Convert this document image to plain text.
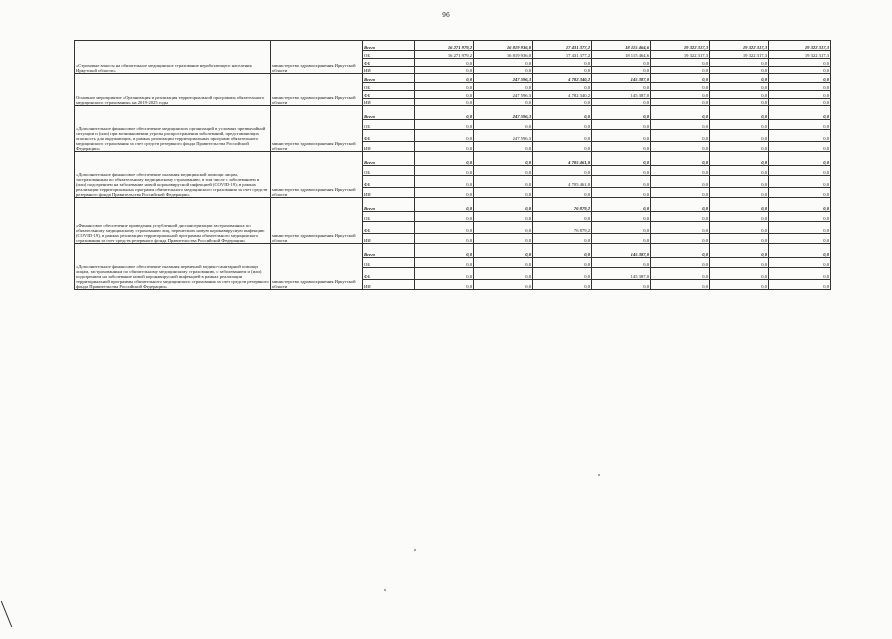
96
«Страховые взносы на обязательное медицинское страхование неработающего населения Иркутской области»	министерство здравоохранения Иркутской области	Всего	16 271 979,2	16 819 936,0	17 431 377,2	18 115 464,6	19 322 317,3	19 322 317,3	19 322 317,3
		ОБ	16 271 979,2	16 819 936,0	17 431 377,2	18 115 464,6	19 322 317,3	19 322 317,3	19 322 317,3
		ФБ	0,0	0,0	0,0	0,0	0,0	0,0	0,0
		ИИ	0,0	0,0	0,0	0,0	0,0	0,0	0,0
Основное мероприятие «Организация и реализация территориальной программы обязательного медицинского страхования» на 2019-2025 годы	министерство здравоохранения Иркутской области	Всего	0,0	247 596,3	4 782 340,2	145 387,0	0,0	0,0	0,0
		ОБ	0,0	0,0	0,0	0,0	0,0	0,0	0,0
		ФБ	0,0	247 596,3	4 782 340,2	145 387,0	0,0	0,0	0,0
		ИИ	0,0	0,0	0,0	0,0	0,0	0,0	0,0
«Дополнительное финансовое обеспечение медицинских организаций в условиях чрезвычайной ситуации и (или) при возникновении угрозы распространения заболеваний, представляющих опасность для окружающих, в рамках реализации территориальных программ обязательного медицинского страхования за счет средств резервного фонда Правительства Российской Федерации»	министерство здравоохранения Иркутской области	Всего	0,0	247 596,3	0,0	0,0	0,0	0,0	0,0
		ОБ	0,0	0,0	0,0	0,0	0,0	0,0	0,0
		ФБ	0,0	247 596,3	0,0	0,0	0,0	0,0	0,0
		ИИ	0,0	0,0	0,0	0,0	0,0	0,0	0,0
«Дополнительное финансовое обеспечение оказания медицинской помощи лицам, застрахованным по обязательному медицинскому страхованию, в том числе с заболеванием и (или) подозрением на заболевание новой коронавирусной инфекцией (COVID-19), в рамках реализации территориальных программ обязательного медицинского страхования за счет средств резервного фонда Правительства Российской Федерации»	министерство здравоохранения Иркутской области	Всего	0,0	0,0	4 705 461,0	0,0	0,0	0,0	0,0
		ОБ	0,0	0,0	0,0	0,0	0,0	0,0	0,0
		ФБ	0,0	0,0	4 705 461,0	0,0	0,0	0,0	0,0
		ИИ	0,0	0,0	0,0	0,0	0,0	0,0	0,0
«Финансовое обеспечение проведения углубленной диспансеризации застрахованных по обязательному медицинскому страхованию лиц, перенесших новую коронавирусную инфекцию (COVID-19), в рамках реализации территориальной программы обязательного медицинского страхования за счет средств резервного фонда Правительства Российской Федерации»	министерство здравоохранения Иркутской области	Всего	0,0	0,0	76 879,2	0,0	0,0	0,0	0,0
		ОБ	0,0	0,0	0,0	0,0	0,0	0,0	0,0
		ФБ	0,0	0,0	76 879,2	0,0	0,0	0,0	0,0
		ИИ	0,0	0,0	0,0	0,0	0,0	0,0	0,0
«Дополнительное финансовое обеспечение оказания первичной медико-санитарной помощи лицам, застрахованным по обязательному медицинскому страхованию, с заболеванием и (или) подозрением на заболевание новой коронавирусной инфекцией в рамках реализации территориальной программы обязательного медицинского страхования за счет средств резервного фонда Правительства Российской Федерации»	министерство здравоохранения Иркутской области	Всего	0,0	0,0	0,0	145 387,0	0,0	0,0	0,0
		ОБ	0,0	0,0	0,0	0,0	0,0	0,0	0,0
		ФБ	0,0	0,0	0,0	145 387,0	0,0	0,0	0,0
		ИИ	0,0	0,0	0,0	0,0	0,0	0,0	0,0
